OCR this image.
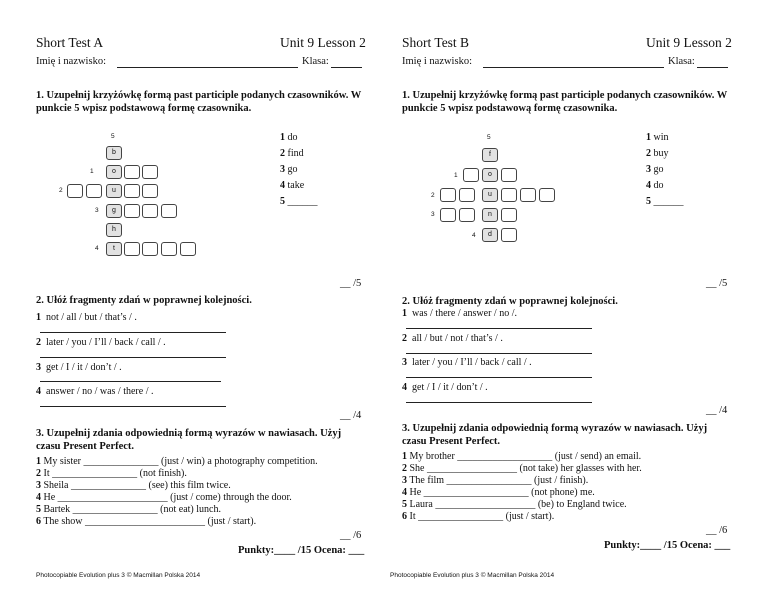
Short Test A	Unit 9 Lesson 2
Imię i nazwisko:	Klasa:
1. Uzupełnij krzyżówkę formą past participle podanych czasowników. W punkcie 5 wpisz podstawową formę czasownika.
5
1
2
3
4
b
o
u
g
h
t
1 do
2 find
3 go
4 take
5 ______
__ /5
2. Ułóż fragmenty zdań w poprawnej kolejności.
1 not / all / but / that’s / .
2 later / you / I’ll / back / call / .
3 get / I / it / don’t / .
4 answer / no / was / there / .
__ /4
3. Uzupełnij zdania odpowiednią formą wyrazów w nawiasach. Użyj czasu Present Perfect.
1 My sister _______________ (just / win) a photography competition.
2 It _________________ (not finish).
3 Sheila _______________ (see) this film twice.
4 He ______________________ (just / come) through the door.
5 Bartek _________________ (not eat) lunch.
6 The show ________________________ (just / start).
__ /6
Punkty:____ /15 Ocena: ___
Photocopiable Evolution plus 3 © Macmillan Polska 2014
Short Test B	Unit 9 Lesson 2
Imię i nazwisko:	Klasa:
1. Uzupełnij krzyżówkę formą past participle podanych czasowników. W punkcie 5 wpisz podstawową formę czasownika.
5
1
2
3
4
f
o
u
n
d
1 win
2 buy
3 go
4 do
5 ______
__ /5
2. Ułóż fragmenty zdań w poprawnej kolejności.
1 was / there / answer / no /.
2 all / but / not / that’s / .
3 later / you / I’ll / back / call / .
4 get / I / it / don’t / .
__ /4
3. Uzupełnij zdania odpowiednią formą wyrazów w nawiasach. Użyj czasu Present Perfect.
1 My brother ___________________ (just / send) an email.
2 She __________________ (not take) her glasses with her.
3 The film _________________ (just / finish).
4 He _____________________ (not phone) me.
5 Laura ____________________ (be) to England twice.
6 It _________________ (just / start).
__ /6
Punkty:____ /15 Ocena: ___
Photocopiable Evolution plus 3 © Macmillan Polska 2014
